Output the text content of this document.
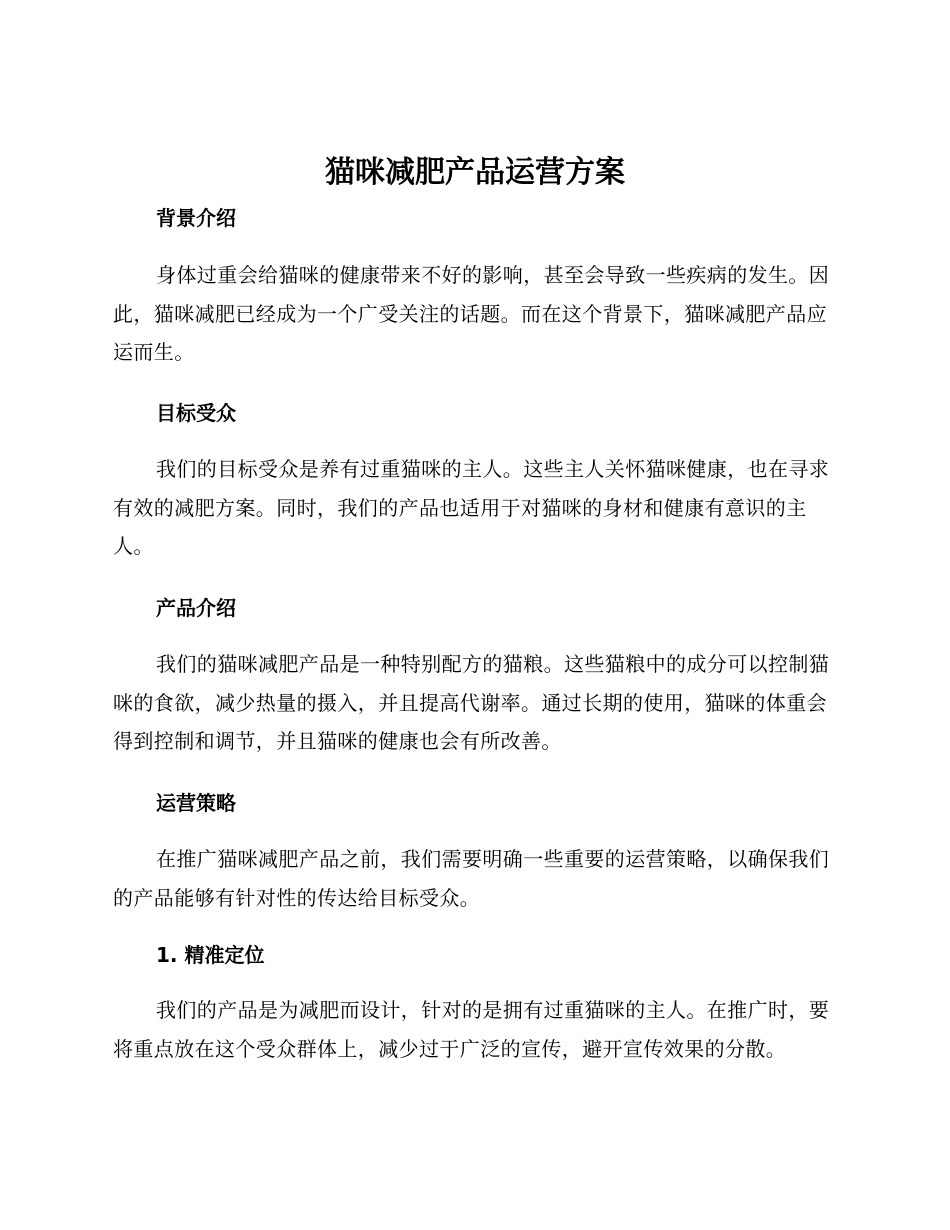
猫咪减肥产品运营方案
背景介绍

身体过重会给猫咪的健康带来不好的影响，甚至会导致一些疾病的发生。因此，猫咪减肥已经成为一个广受关注的话题。而在这个背景下，猫咪减肥产品应运而生。

目标受众

我们的目标受众是养有过重猫咪的主人。这些主人关怀猫咪健康，也在寻求有效的减肥方案。同时，我们的产品也适用于对猫咪的身材和健康有意识的主人。

产品介绍

我们的猫咪减肥产品是一种特别配方的猫粮。这些猫粮中的成分可以控制猫咪的食欲，减少热量的摄入，并且提高代谢率。通过长期的使用，猫咪的体重会得到控制和调节，并且猫咪的健康也会有所改善。

运营策略

在推广猫咪减肥产品之前，我们需要明确一些重要的运营策略，以确保我们的产品能够有针对性的传达给目标受众。

1. 精准定位

我们的产品是为减肥而设计，针对的是拥有过重猫咪的主人。在推广时，要将重点放在这个受众群体上，减少过于广泛的宣传，避开宣传效果的分散。
